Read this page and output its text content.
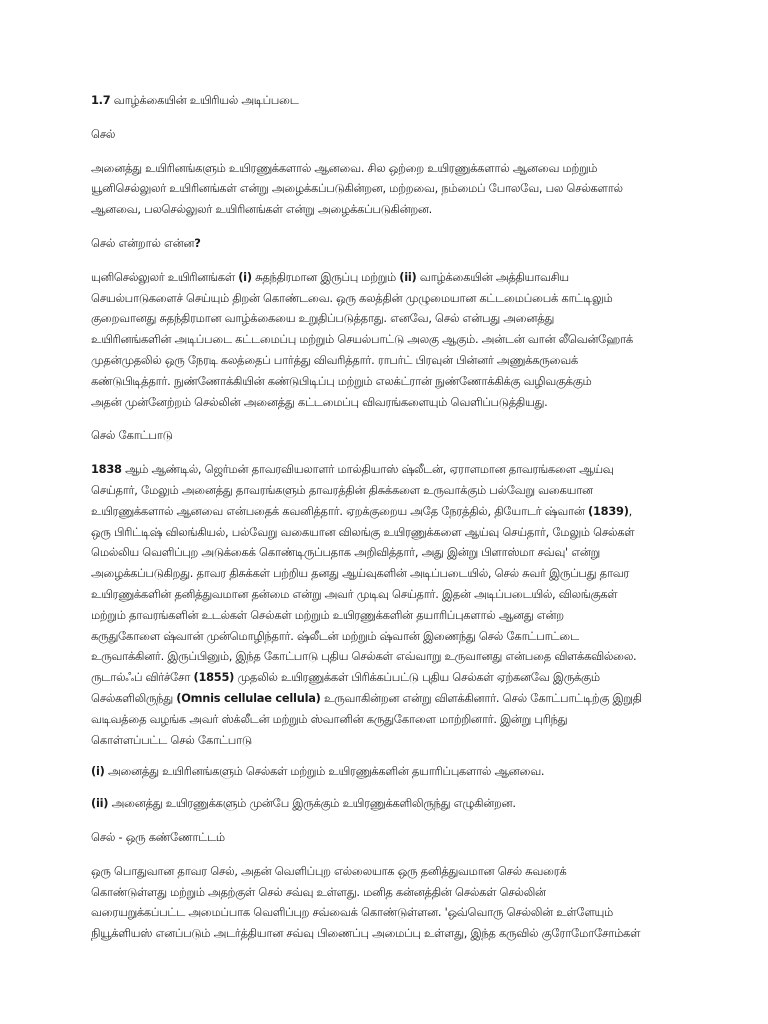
1.7 வாழ்க்கையின் உயிரியல் அடிப்படை

செல்

அனைத்து உயிரினங்களும் உயிரணுக்களால் ஆனவை. சில ஒற்றை உயிரணுக்களால் ஆனவை மற்றும்
யூனிசெல்லுலர் உயிரினங்கள் என்று அழைக்கப்படுகின்றன, மற்றவை, நம்மைப் போலவே, பல செல்களால்
ஆனவை, பலசெல்லுலர் உயிரினங்கள் என்று அழைக்கப்படுகின்றன.

செல் என்றால் என்ன?

யுனிசெல்லுலர் உயிரினங்கள் (i) சுதந்திரமான இருப்பு மற்றும் (ii) வாழ்க்கையின் அத்தியாவசிய
செயல்பாடுகளைச் செய்யும் திறன் கொண்டவை. ஒரு கலத்தின் முழுமையான கட்டமைப்பைக் காட்டிலும்
குறைவானது சுதந்திரமான வாழ்க்கையை உறுதிப்படுத்தாது. எனவே, செல் என்பது அனைத்து
உயிரினங்களின் அடிப்படை கட்டமைப்பு மற்றும் செயல்பாட்டு அலகு ஆகும். அன்டன் வான் லீவென்ஹோக்
முதன்முதலில் ஒரு நேரடி கலத்தைப் பார்த்து விவரித்தார். ராபர்ட் பிரவுன் பின்னர் அணுக்கருவைக்
கண்டுபிடித்தார். நுண்ணோக்கியின் கண்டுபிடிப்பு மற்றும் எலக்ட்ரான் நுண்ணோக்கிக்கு வழிவகுக்கும்
அதன் முன்னேற்றம் செல்லின் அனைத்து கட்டமைப்பு விவரங்களையும் வெளிப்படுத்தியது.

செல் கோட்பாடு

1838 ஆம் ஆண்டில், ஜெர்மன் தாவரவியலாளர் மால்தியாஸ் ஷ்லீடன், ஏராளமான தாவரங்களை ஆய்வு
செய்தார், மேலும் அனைத்து தாவரங்களும் தாவரத்தின் திசுக்களை உருவாக்கும் பல்வேறு வகையான
உயிரணுக்களால் ஆனவை என்பதைக் கவனித்தார். ஏறக்குறைய அதே நேரத்தில், தியோடர் ஷ்வான் (1839),
ஒரு பிரிட்டிஷ் விலங்கியல், பல்வேறு வகையான விலங்கு உயிரணுக்களை ஆய்வு செய்தார், மேலும் செல்கள்
மெல்லிய வெளிப்புற அடுக்கைக் கொண்டிருப்பதாக அறிவித்தார், அது இன்று பிளாஸ்மா சவ்வு' என்று
அழைக்கப்படுகிறது. தாவர திசுக்கள் பற்றிய தனது ஆய்வுகளின் அடிப்படையில், செல் சுவர் இருப்பது தாவர
உயிரணுக்களின் தனித்துவமான தன்மை என்று அவர் முடிவு செய்தார். இதன் அடிப்படையில், விலங்குகள்
மற்றும் தாவரங்களின் உடல்கள் செல்கள் மற்றும் உயிரணுக்களின் தயாரிப்புகளால் ஆனது என்ற
கருதுகோளை ஷ்வான் முன்மொழிந்தார். ஷ்லீடன் மற்றும் ஷ்வான் இணைந்து செல் கோட்பாட்டை
உருவாக்கினர். இருப்பினும், இந்த கோட்பாடு புதிய செல்கள் எவ்வாறு உருவானது என்பதை விளக்கவில்லை.
ருடால்ஃப் விர்ச்சோ (1855) முதலில் உயிரணுக்கள் பிரிக்கப்பட்டு புதிய செல்கள் ஏற்கனவே இருக்கும்
செல்களிலிருந்து (Omnis cellulae cellula) உருவாகின்றன என்று விளக்கினார். செல் கோட்பாட்டிற்கு இறுதி
வடிவத்தை வழங்க அவர் ஸ்க்லீடன் மற்றும் ஸ்வானின் கருதுகோளை மாற்றினார். இன்று புரிந்து
கொள்ளப்பட்ட செல் கோட்பாடு

(i) அனைத்து உயிரினங்களும் செல்கள் மற்றும் உயிரணுக்களின் தயாரிப்புகளால் ஆனவை.

(ii) அனைத்து உயிரணுக்களும் முன்பே இருக்கும் உயிரணுக்களிலிருந்து எழுகின்றன.

செல் - ஒரு கண்ணோட்டம்

ஒரு பொதுவான தாவர செல், அதன் வெளிப்புற எல்லையாக ஒரு தனித்துவமான செல் சுவரைக்
கொண்டுள்ளது மற்றும் அதற்குள் செல் சவ்வு உள்ளது. மனித கன்னத்தின் செல்கள் செல்லின்
வரையறுக்கப்பட்ட அமைப்பாக வெளிப்புற சவ்வைக் கொண்டுள்ளன. 'ஒவ்வொரு செல்லின் உள்ளேயும்
நியூக்ளியஸ் எனப்படும் அடர்த்தியான சவ்வு பிணைப்பு அமைப்பு உள்ளது, இந்த கருவில் குரோமோசோம்கள்
